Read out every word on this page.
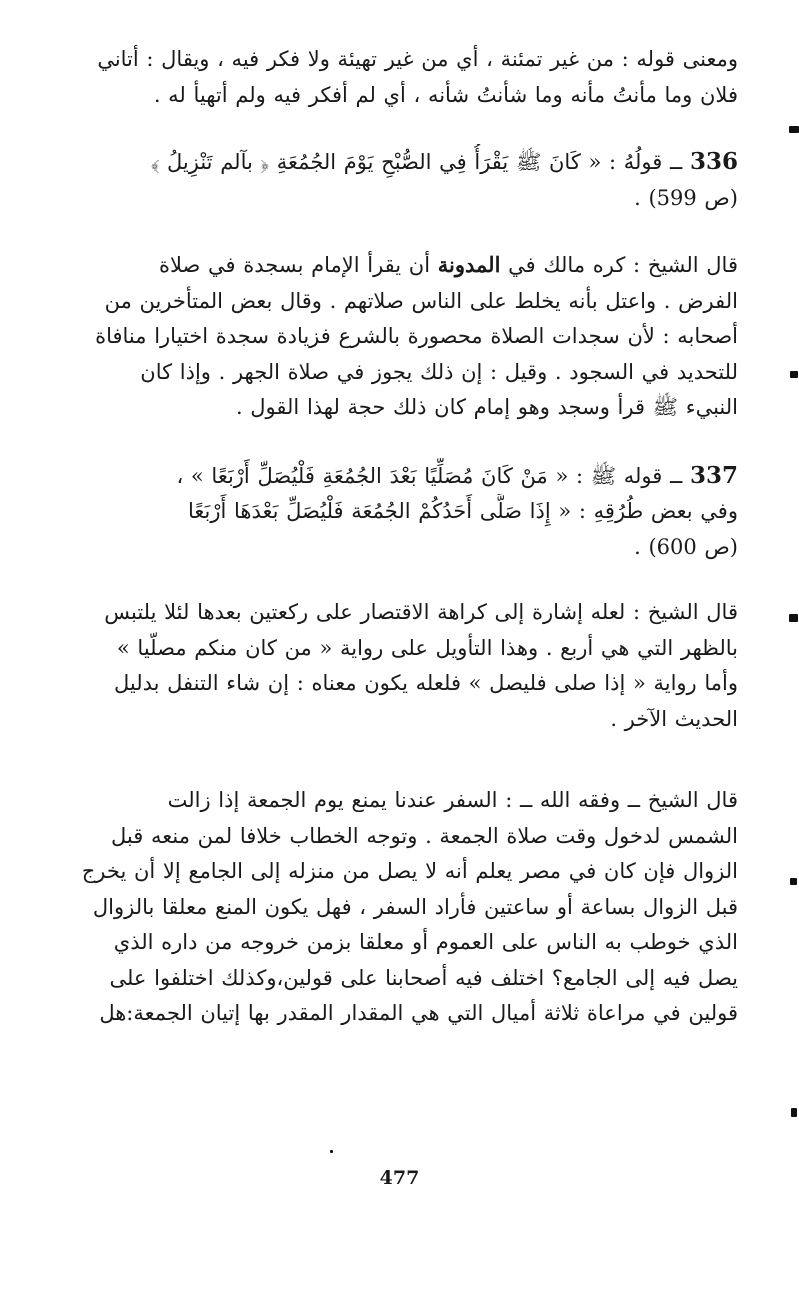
ومعنى قوله : من غير تمئنة ، أي من غير تهيئة ولا فكر فيه ، ويقال : أتاني
فلان وما مأنتُ مأنه وما شأنتُ شأنه ، أي لم أفكر فيه ولم أتهيأ له .

336 ــ قولُهُ : « كَانَ ﷺ يَقْرَأُ فِي الصُّبْحِ يَوْمَ الجُمُعَةِ ﴿ بآلم تَنْزِيلُ ﴾
(ص 599) .

قال الشيخ : كره مالك في المدونة أن يقرأ الإمام بسجدة في صلاة
الفرض . واعتل بأنه يخلط على الناس صلاتهم . وقال بعض المتأخرين من
أصحابه : لأن سجدات الصلاة محصورة بالشرع فزيادة سجدة اختيارا منافاة
للتحديد في السجود . وقيل : إن ذلك يجوز في صلاة الجهر . وإذا كان
النبيء ﷺ قرأ وسجد وهو إمام كان ذلك حجة لهذا القول .

337 ــ قوله ﷺ : « مَنْ كَانَ مُصَلِّيًا بَعْدَ الجُمُعَةِ فَلْيُصَلِّ أَرْبَعًا » ،
وفي بعض طُرُقِهِ : « إِذَا صَلَّى أَحَدُكُمْ الجُمُعَة فَلْيُصَلِّ بَعْدَهَا أَرْبَعًا
(ص 600) .

قال الشيخ : لعله إشارة إلى كراهة الاقتصار على ركعتين بعدها لئلا يلتبس
بالظهر التي هي أربع . وهذا التأويل على رواية « من كان منكم مصلّيا »
وأما رواية « إذا صلى فليصل » فلعله يكون معناه : إن شاء التنفل بدليل
الحديث الآخر .

قال الشيخ ــ وفقه الله ــ : السفر عندنا يمنع يوم الجمعة إذا زالت
الشمس لدخول وقت صلاة الجمعة . وتوجه الخطاب خلافا لمن منعه قبل
الزوال فإن كان في مصر يعلم أنه لا يصل من منزله إلى الجامع إلا أن يخرج
قبل الزوال بساعة أو ساعتين فأراد السفر ، فهل يكون المنع معلقا بالزوال
الذي خوطب به الناس على العموم أو معلقا بزمن خروجه من داره الذي
يصل فيه إلى الجامع؟ اختلف فيه أصحابنا على قولين،وكذلك اختلفوا على
قولين في مراعاة ثلاثة أميال التي هي المقدار المقدر بها إتيان الجمعة:هل

477
